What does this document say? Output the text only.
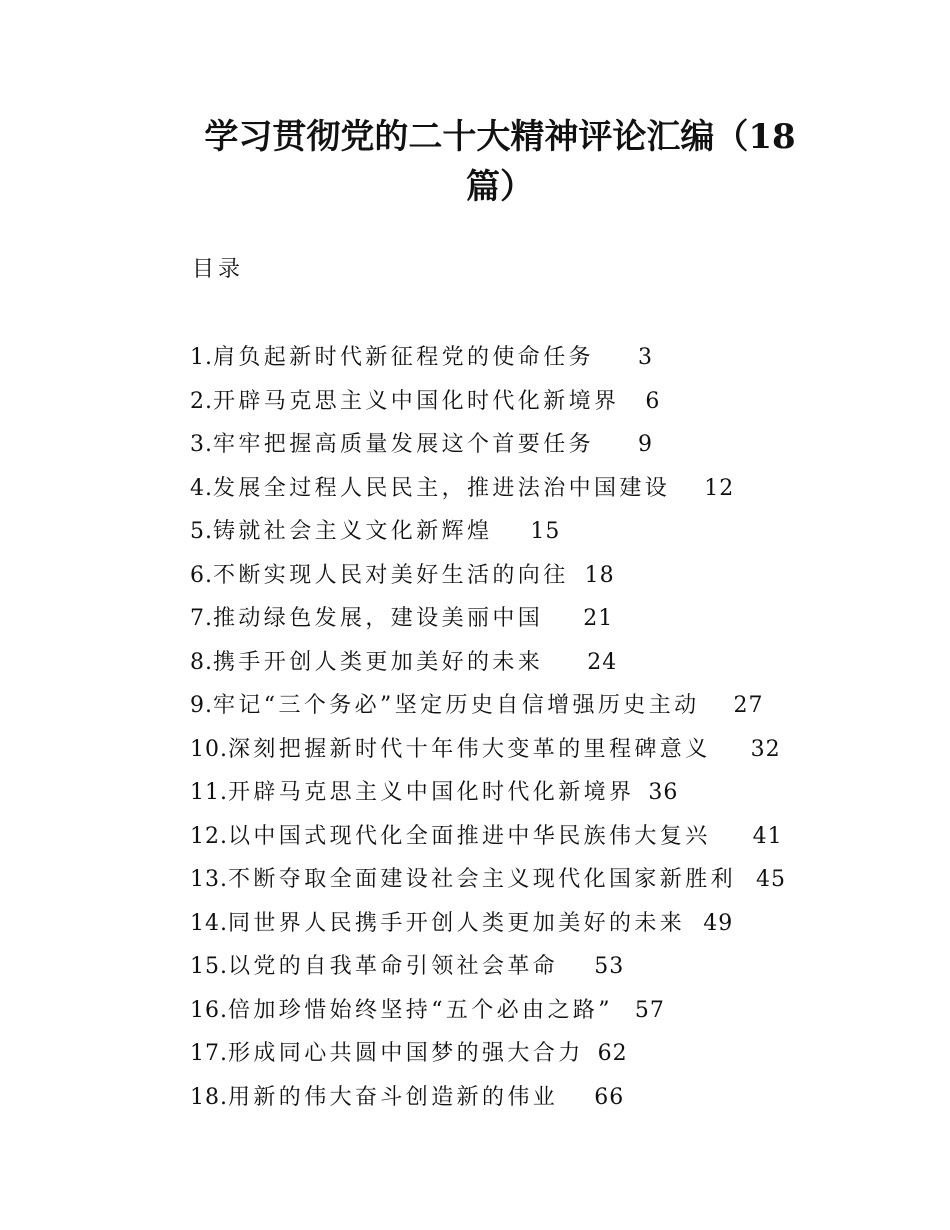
学习贯彻党的二十大精神评论汇编（18篇）
目录
1. 肩负起新时代新征程党的使命任务 3
2. 开辟马克思主义中国化时代化新境界 6
3. 牢牢把握高质量发展这个首要任务 9
4. 发展全过程人民民主，推进法治中国建设 12
5. 铸就社会主义文化新辉煌 15
6. 不断实现人民对美好生活的向往 18
7. 推动绿色发展，建设美丽中国 21
8. 携手开创人类更加美好的未来 24
9. 牢记“三个务必”坚定历史自信增强历史主动 27
10. 深刻把握新时代十年伟大变革的里程碑意义 32
11. 开辟马克思主义中国化时代化新境界 36
12. 以中国式现代化全面推进中华民族伟大复兴 41
13. 不断夺取全面建设社会主义现代化国家新胜利 45
14. 同世界人民携手开创人类更加美好的未来 49
15. 以党的自我革命引领社会革命 53
16. 倍加珍惜始终坚持“五个必由之路” 57
17. 形成同心共圆中国梦的强大合力 62
18. 用新的伟大奋斗创造新的伟业 66
